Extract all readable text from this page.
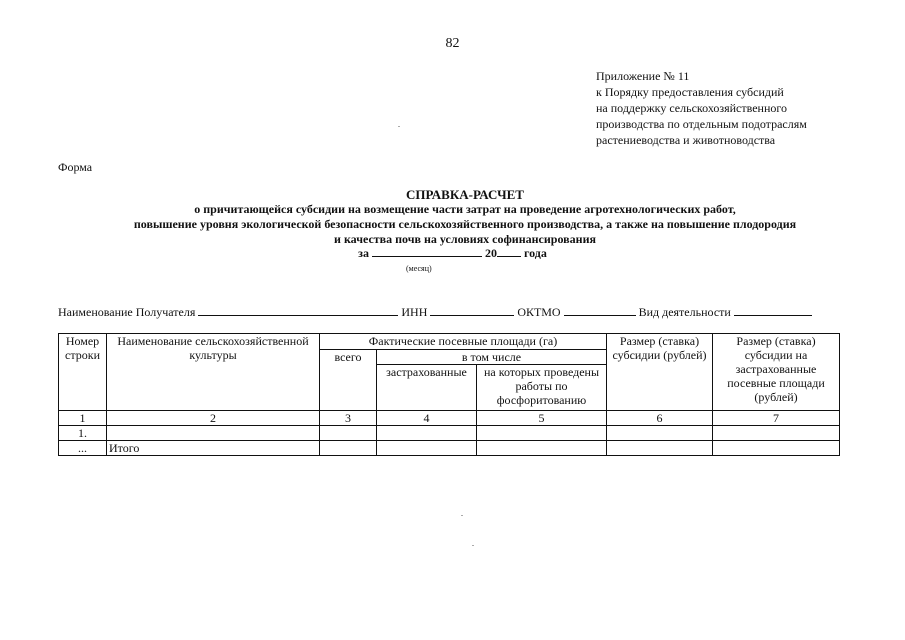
82
Приложение № 11
к Порядку предоставления субсидий
на поддержку сельскохозяйственного
производства по отдельным подотраслям
растениеводства и животноводства
Форма
СПРАВКА-РАСЧЕТ
о причитающейся субсидии на возмещение части затрат на проведение агротехнологических работ,
повышение уровня экологической безопасности сельскохозяйственного производства, а также на повышение плодородия
и качества почв на условиях софинансирования
за	20 года
(месяц)
Наименование Получателя	ИНН	ОКТМО	Вид деятельности
Номер строки	Наименование сельскохозяйственной культуры	Фактические посевные площади (га)			Размер (ставка) субсидии (рублей)	Размер (ставка) субсидии на застрахованные посевные площади (рублей)
		всего	в том числе			
			застрахованные	на которых проведены работы по фосфоритованию		
1	2	3	4	5	6	7
1.						
...	Итого					
